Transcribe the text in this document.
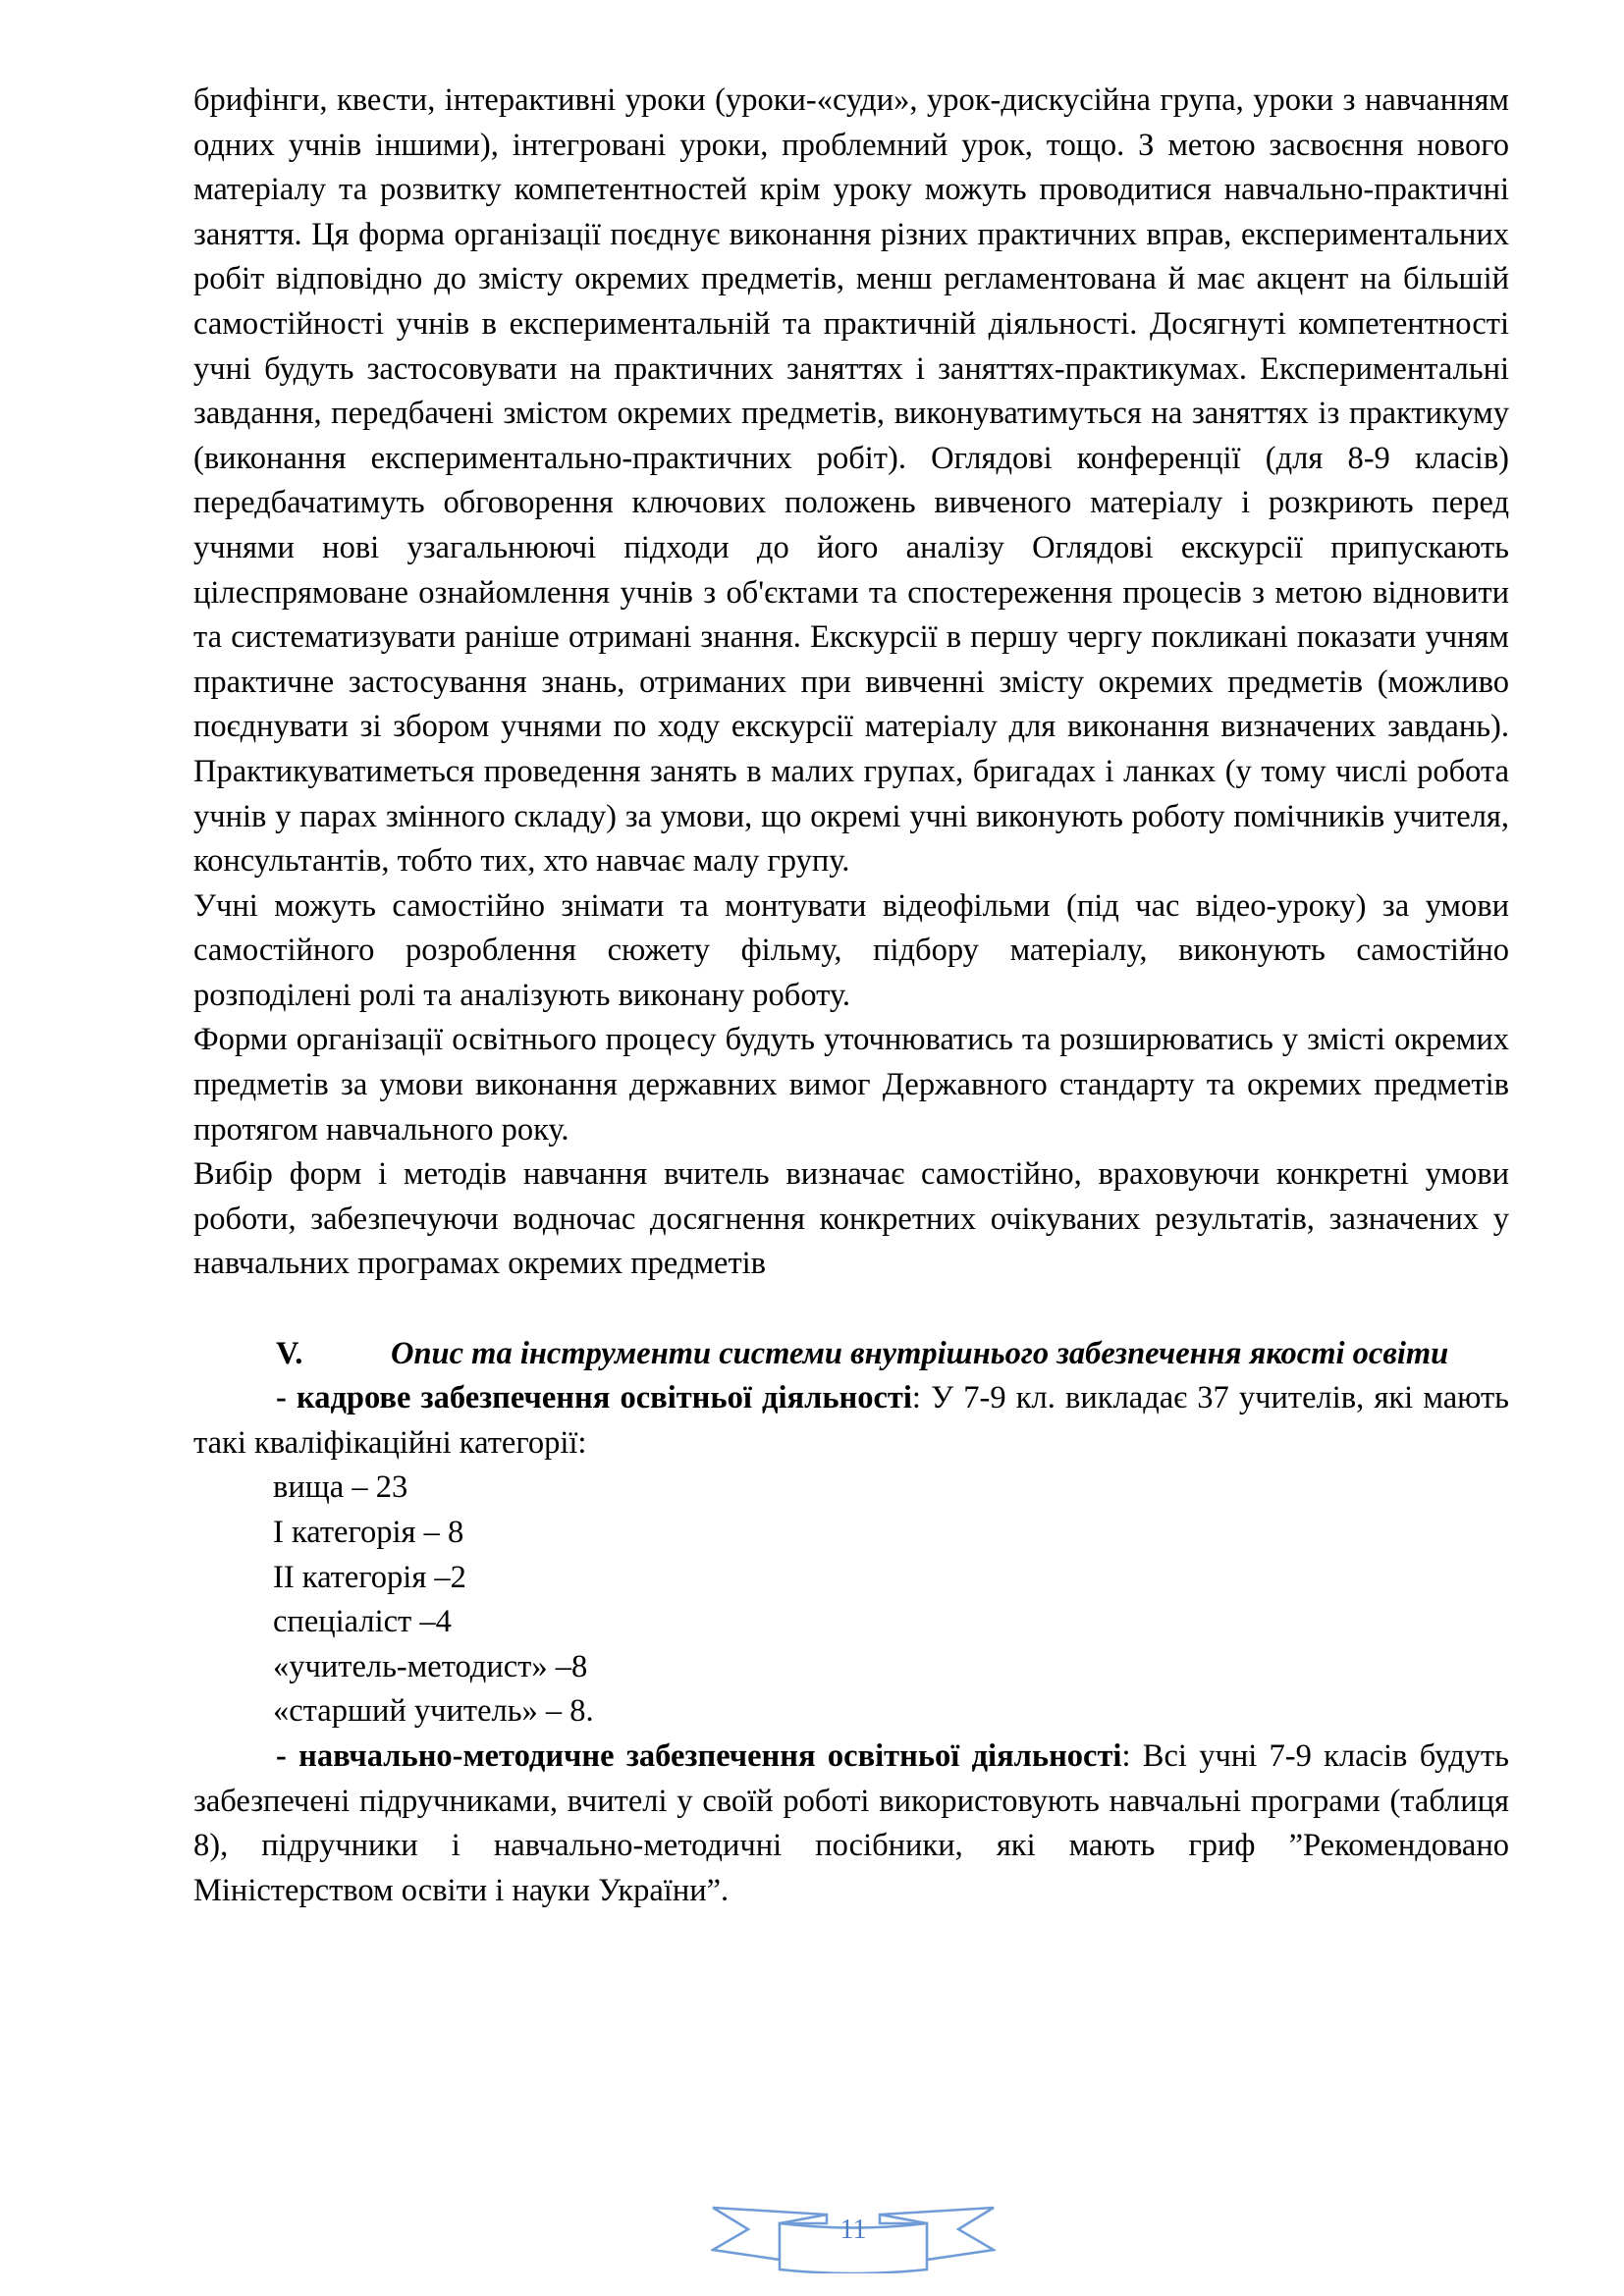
брифінги, квести, інтерактивні уроки (уроки-«суди», урок-дискусійна група, уроки з навчанням одних учнів іншими), інтегровані уроки, проблемний урок, тощо. З метою засвоєння нового матеріалу та розвитку компетентностей крім уроку можуть проводитися навчально-практичні заняття. Ця форма організації поєднує виконання різних практичних вправ, експериментальних робіт відповідно до змісту окремих предметів, менш регламентована й має акцент на більшій самостійності учнів в експериментальній та практичній діяльності. Досягнуті компетентності учні будуть застосовувати на практичних заняттях і заняттях-практикумах. Експериментальні завдання, передбачені змістом окремих предметів, виконуватимуться на заняттях із практикуму (виконання експериментально-практичних робіт). Оглядові конференції (для 8-9 класів) передбачатимуть обговорення ключових положень вивченого матеріалу і розкриють перед учнями нові узагальнюючі підходи до його аналізу Оглядові екскурсії припускають цілеспрямоване ознайомлення учнів з об'єктами та спостереження процесів з метою відновити та систематизувати раніше отримані знання. Екскурсії в першу чергу покликані показати учням практичне застосування знань, отриманих при вивченні змісту окремих предметів (можливо поєднувати зі збором учнями по ходу екскурсії матеріалу для виконання визначених завдань). Практикуватиметься проведення занять в малих групах, бригадах і ланках (у тому числі робота учнів у парах змінного складу) за умови, що окремі учні виконують роботу помічників учителя, консультантів, тобто тих, хто навчає малу групу.

Учні можуть самостійно знімати та монтувати відеофільми (під час відео-уроку) за умови самостійного розроблення сюжету фільму, підбору матеріалу, виконують самостійно розподілені ролі та аналізують виконану роботу.

Форми організації освітнього процесу будуть уточнюватись та розширюватись у змісті окремих предметів за умови виконання державних вимог Державного стандарту та окремих предметів протягом навчального року.

Вибір форм і методів навчання вчитель визначає самостійно, враховуючи конкретні умови роботи, забезпечуючи водночас досягнення конкретних очікуваних результатів, зазначених у навчальних програмах окремих предметів

V.	Опис та інструменти системи внутрішнього забезпечення якості освіти

- кадрове забезпечення освітньої діяльності: У 7-9 кл. викладає 37 учителів, які мають такі кваліфікаційні категорії:

вища – 23
І категорія – 8
ІІ категорія –2
спеціаліст –4
«учитель-методист» –8
«старший учитель» – 8.

- навчально-методичне забезпечення освітньої діяльності: Всі учні 7-9 класів будуть забезпечені підручниками, вчителі у своїй роботі використовують навчальні програми (таблиця 8), підручники і навчально-методичні посібники, які мають гриф ”Рекомендовано Міністерством освіти і науки України”.

11
